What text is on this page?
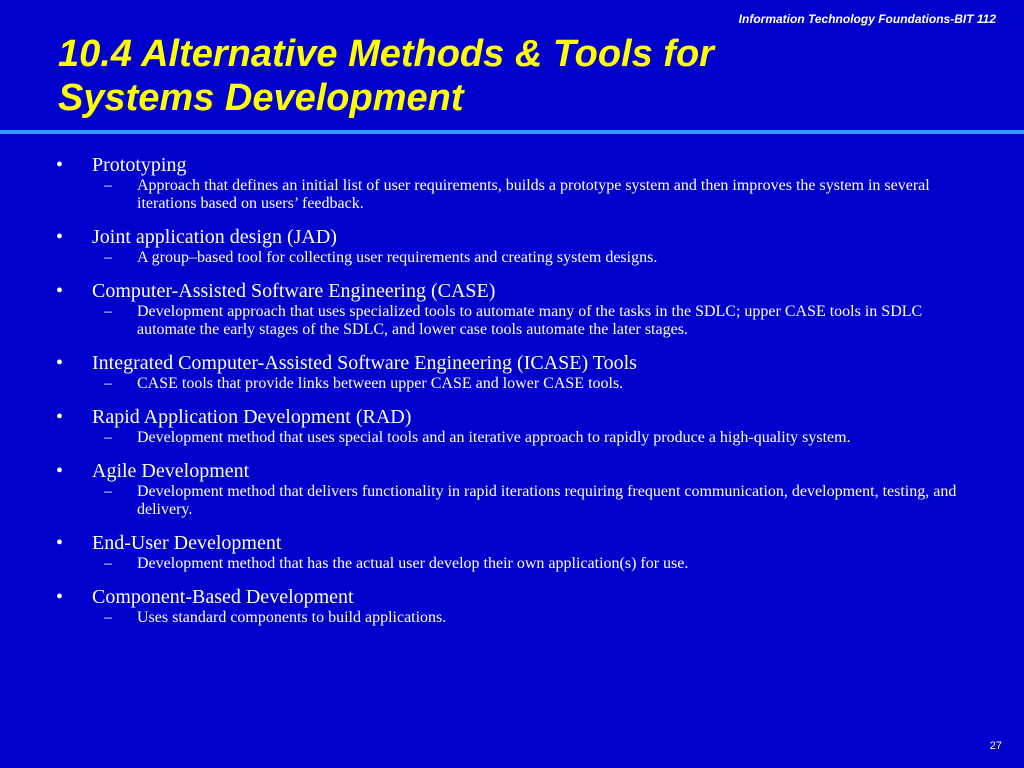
Information Technology Foundations-BIT 112
10.4 Alternative Methods & Tools for
Systems Development
• Prototyping
– Approach that defines an initial list of user requirements, builds a prototype system and then improves the system in several iterations based on users’ feedback.
• Joint application design (JAD)
– A group–based tool for collecting user requirements and creating system designs.
• Computer-Assisted Software Engineering (CASE)
– Development approach that uses specialized tools to automate many of the tasks in the SDLC; upper CASE tools in SDLC automate the early stages of the SDLC, and lower case tools automate the later stages.
• Integrated Computer-Assisted Software Engineering (ICASE) Tools
– CASE tools that provide links between upper CASE and lower CASE tools.
• Rapid Application Development (RAD)
– Development method that uses special tools and an iterative approach to rapidly produce a high-quality system.
• Agile Development
– Development method that delivers functionality in rapid iterations requiring frequent communication, development, testing, and delivery.
• End-User Development
– Development method that has the actual user develop their own application(s) for use.
• Component-Based Development
– Uses standard components to build applications.
27
